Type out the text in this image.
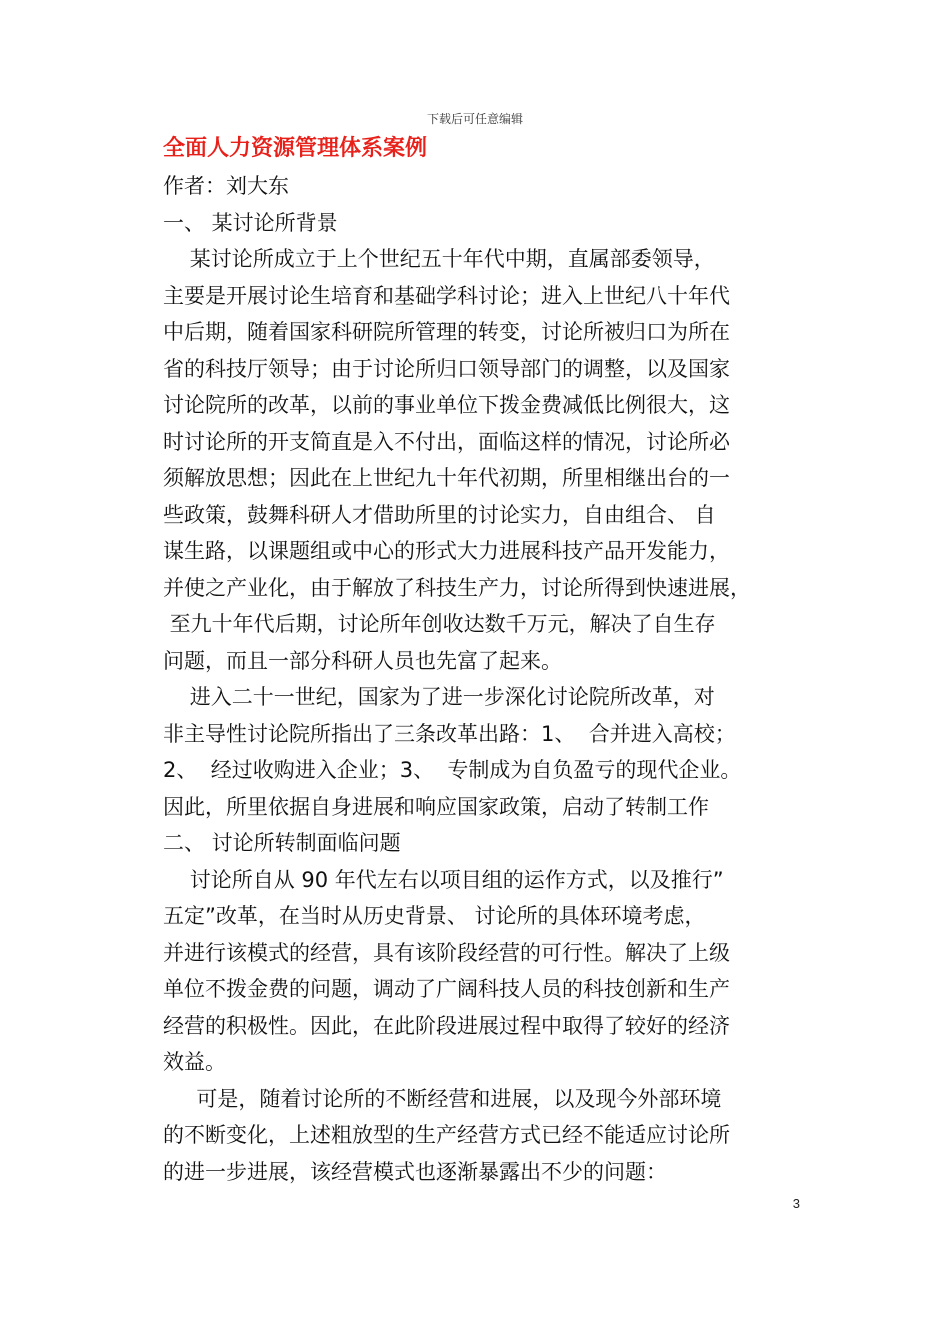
下载后可任意编辑
全面人力资源管理体系案例
作者：刘大东
一、 某讨论所背景
某讨论所成立于上个世纪五十年代中期，直属部委领导，
主要是开展讨论生培育和基础学科讨论；进入上世纪八十年代
中后期，随着国家科研院所管理的转变，讨论所被归口为所在
省的科技厅领导；由于讨论所归口领导部门的调整，以及国家
讨论院所的改革，以前的事业单位下拨金费减低比例很大，这
时讨论所的开支简直是入不付出，面临这样的情况，讨论所必
须解放思想；因此在上世纪九十年代初期，所里相继出台的一
些政策，鼓舞科研人才借助所里的讨论实力，自由组合、 自
谋生路，以课题组或中心的形式大力进展科技产品开发能力，
并使之产业化，由于解放了科技生产力，讨论所得到快速进展，
至九十年代后期，讨论所年创收达数千万元，解决了自生存
问题，而且一部分科研人员也先富了起来。
进入二十一世纪，国家为了进一步深化讨论院所改革，对
非主导性讨论院所指出了三条改革出路：1、  合并进入高校；
2、  经过收购进入企业；3、  专制成为自负盈亏的现代企业。
因此，所里依据自身进展和响应国家政策，启动了转制工作
二、 讨论所转制面临问题
讨论所自从 90 年代左右以项目组的运作方式，以及推行”
五定”改革，在当时从历史背景、 讨论所的具体环境考虑，
并进行该模式的经营，具有该阶段经营的可行性。解决了上级
单位不拨金费的问题，调动了广阔科技人员的科技创新和生产
经营的积极性。因此，在此阶段进展过程中取得了较好的经济
效益。
可是，随着讨论所的不断经营和进展，以及现今外部环境
的不断变化，上述粗放型的生产经营方式已经不能适应讨论所
的进一步进展，该经营模式也逐渐暴露出不少的问题：
3
